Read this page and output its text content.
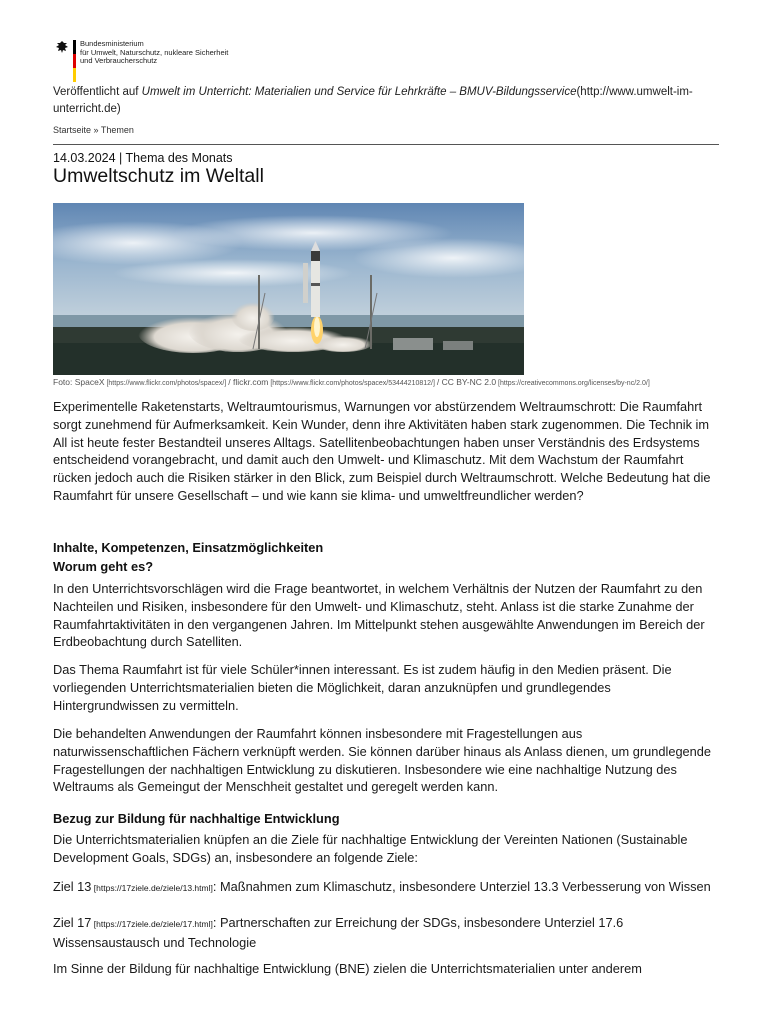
Bundesministerium
für Umwelt, Naturschutz, nukleare Sicherheit
und Verbraucherschutz
Veröffentlicht auf Umwelt im Unterricht: Materialien und Service für Lehrkräfte – BMUV-Bildungsservice(http://www.umwelt-im-unterricht.de)
Startseite » Themen
14.03.2024 | Thema des Monats
Umweltschutz im Weltall
Foto: SpaceX [https://www.flickr.com/photos/spacex/] / flickr.com [https://www.flickr.com/photos/spacex/53444210812/] / CC BY-NC 2.0 [https://creativecommons.org/licenses/by-nc/2.0/]

Experimentelle Raketenstarts, Weltraumtourismus, Warnungen vor abstürzendem Weltraumschrott: Die Raumfahrt sorgt zunehmend für Aufmerksamkeit. Kein Wunder, denn ihre Aktivitäten haben stark zugenommen. Die Technik im All ist heute fester Bestandteil unseres Alltags. Satellitenbeobachtungen haben unser Verständnis des Erdsystems entscheidend vorangebracht, und damit auch den Umwelt- und Klimaschutz. Mit dem Wachstum der Raumfahrt rücken jedoch auch die Risiken stärker in den Blick, zum Beispiel durch Weltraumschrott. Welche Bedeutung hat die Raumfahrt für unsere Gesellschaft – und wie kann sie klima- und umweltfreundlicher werden?

Inhalte, Kompetenzen, Einsatzmöglichkeiten
Worum geht es?

In den Unterrichtsvorschlägen wird die Frage beantwortet, in welchem Verhältnis der Nutzen der Raumfahrt zu den Nachteilen und Risiken, insbesondere für den Umwelt- und Klimaschutz, steht. Anlass ist die starke Zunahme der Raumfahrtaktivitäten in den vergangenen Jahren. Im Mittelpunkt stehen ausgewählte Anwendungen im Bereich der Erdbeobachtung durch Satelliten.

Das Thema Raumfahrt ist für viele Schüler*innen interessant. Es ist zudem häufig in den Medien präsent. Die vorliegenden Unterrichtsmaterialien bieten die Möglichkeit, daran anzuknüpfen und grundlegendes Hintergrundwissen zu vermitteln.

Die behandelten Anwendungen der Raumfahrt können insbesondere mit Fragestellungen aus naturwissenschaftlichen Fächern verknüpft werden. Sie können darüber hinaus als Anlass dienen, um grundlegende Fragestellungen der nachhaltigen Entwicklung zu diskutieren. Insbesondere wie eine nachhaltige Nutzung des Weltraums als Gemeingut der Menschheit gestaltet und geregelt werden kann.

Bezug zur Bildung für nachhaltige Entwicklung

Die Unterrichtsmaterialien knüpfen an die Ziele für nachhaltige Entwicklung der Vereinten Nationen (Sustainable Development Goals, SDGs) an, insbesondere an folgende Ziele:

Ziel 13 [https://17ziele.de/ziele/13.html]: Maßnahmen zum Klimaschutz, insbesondere Unterziel 13.3 Verbesserung von Wissen

Ziel 17 [https://17ziele.de/ziele/17.html]: Partnerschaften zur Erreichung der SDGs, insbesondere Unterziel 17.6 Wissensaustausch und Technologie

Im Sinne der Bildung für nachhaltige Entwicklung (BNE) zielen die Unterrichtsmaterialien unter anderem
